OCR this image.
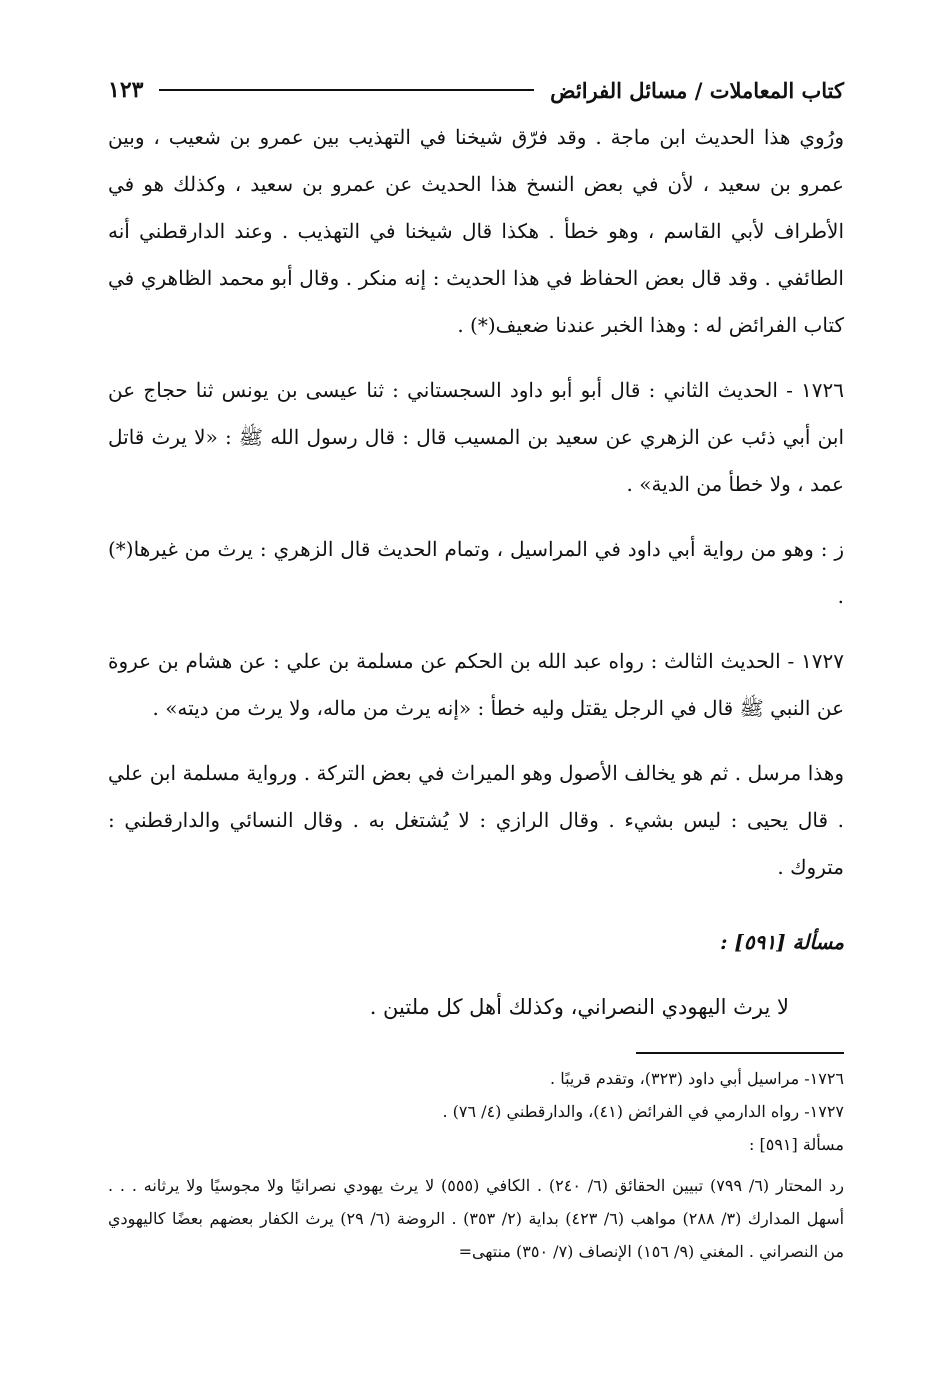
كتاب المعاملات / مسائل الفرائض
١٢٣

ورُوي هذا الحديث ابن ماجة . وقد فرّق شيخنا في التهذيب بين عمرو بن شعيب ، وبين عمرو بن سعيد ، لأن في بعض النسخ هذا الحديث عن عمرو بن سعيد ، وكذلك هو في الأطراف لأبي القاسم ، وهو خطأ . هكذا قال شيخنا في التهذيب . وعند الدارقطني أنه الطائفي . وقد قال بعض الحفاظ في هذا الحديث : إنه منكر . وقال أبو محمد الظاهري في كتاب الفرائض له : وهذا الخبر عندنا ضعيف(*) .

١٧٢٦ - الحديث الثاني : قال أبو أبو داود السجستاني : ثنا عيسى بن يونس ثنا حجاج عن ابن أبي ذئب عن الزهري عن سعيد بن المسيب قال : قال رسول الله ﷺ : «لا يرث قاتل عمد ، ولا خطأ من الدية» .

ز : وهو من رواية أبي داود في المراسيل ، وتمام الحديث قال الزهري : يرث من غيرها(*) .

١٧٢٧ - الحديث الثالث : رواه عبد الله بن الحكم عن مسلمة بن علي : عن هشام بن عروة عن النبي ﷺ قال في الرجل يقتل وليه خطأ : «إنه يرث من ماله، ولا يرث من ديته» .

وهذا مرسل . ثم هو يخالف الأصول وهو الميراث في بعض التركة . ورواية مسلمة ابن علي . قال يحيى : ليس بشيء . وقال الرازي : لا يُشتغل به . وقال النسائي والدارقطني : متروك .

مسألة [٥٩١] :
لا يرث اليهودي النصراني، وكذلك أهل كل ملتين .

١٧٢٦- مراسيل أبي داود (٣٢٣)، وتقدم قريبًا .

١٧٢٧- رواه الدارمي في الفرائض (٤١)، والدارقطني (٤/ ٧٦) .

مسألة [٥٩١] :

رد المحتار (٦/ ٧٩٩) تبيين الحقائق (٦/ ٢٤٠) . الكافي (٥٥٥) لا يرث يهودي نصرانيًا ولا مجوسيًا ولا يرثانه . . . أسهل المدارك (٣/ ٢٨٨) مواهب (٦/ ٤٢٣) بداية (٢/ ٣٥٣) . الروضة (٦/ ٢٩) يرث الكفار بعضهم بعضًا كاليهودي من النصراني . المغني (٩/ ١٥٦) الإنصاف (٧/ ٣٥٠) منتهى=
